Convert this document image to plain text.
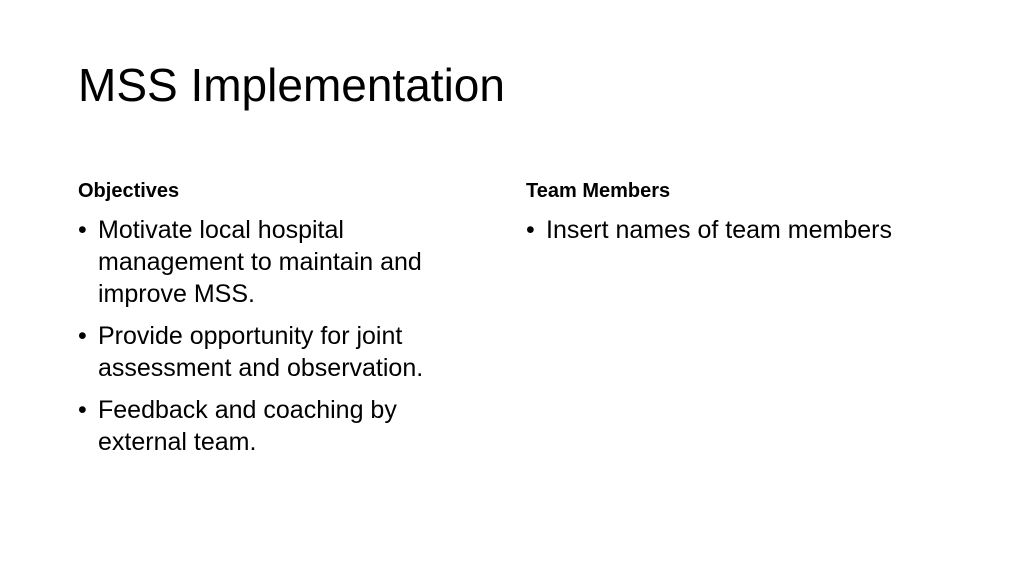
MSS Implementation
Objectives
• Motivate local hospital management to maintain and improve MSS.
• Provide opportunity for joint assessment and observation.
• Feedback and coaching by external team.
Team Members
• Insert names of team members
